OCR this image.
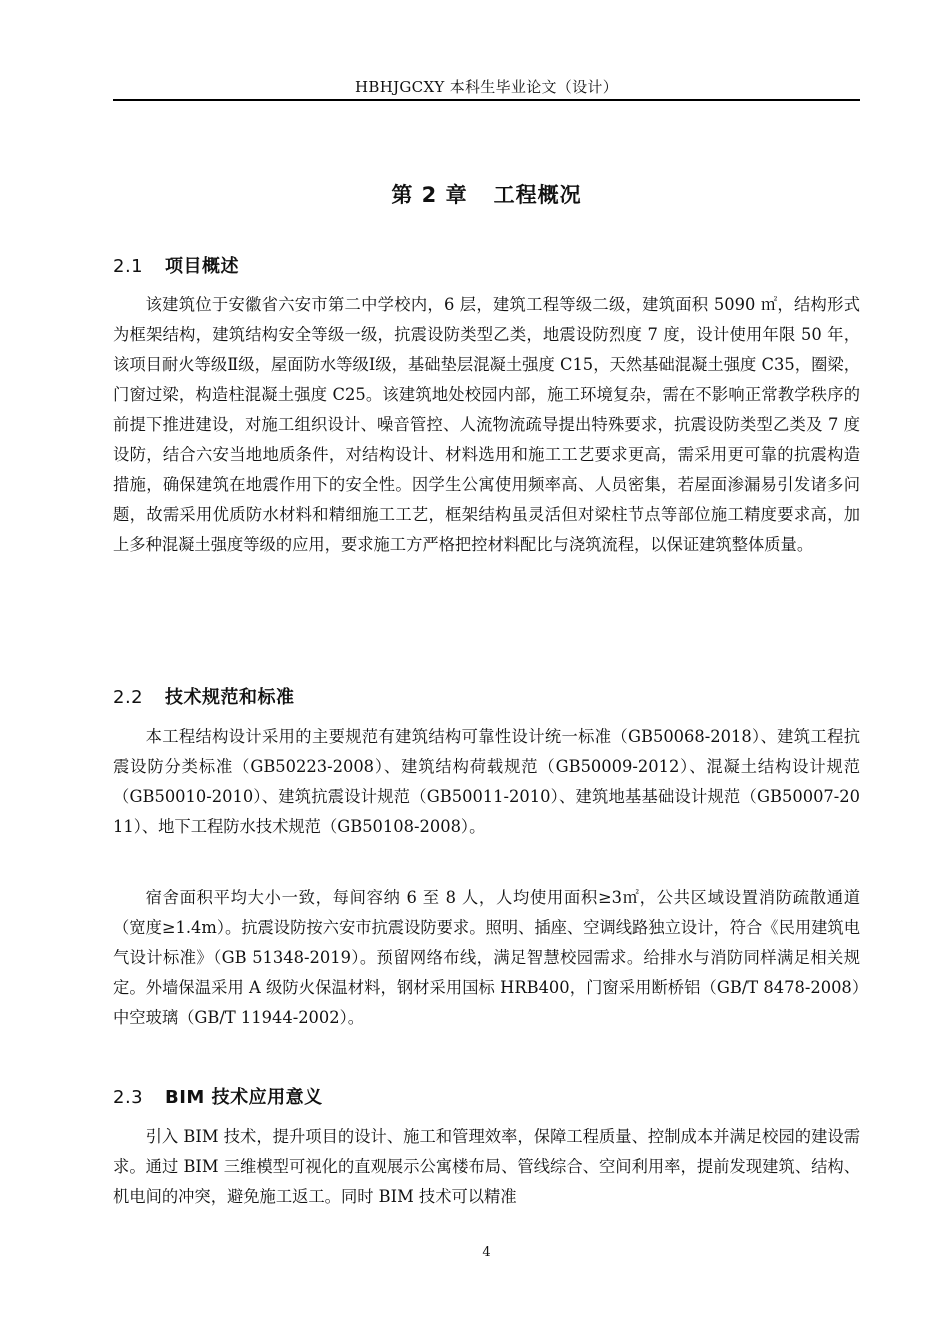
HBHJGCXY 本科生毕业论文（设计）
第 2 章 工程概况
2.1 项目概述

该建筑位于安徽省六安市第二中学校内，6 层，建筑工程等级二级，建筑面积 5090 ㎡，结构形式为框架结构，建筑结构安全等级一级，抗震设防类型乙类，地震设防烈度 7 度，设计使用年限 50 年，该项目耐火等级Ⅱ级，屋面防水等级Ⅰ级，基础垫层混凝土强度 C15，天然基础混凝土强度 C35，圈梁，门窗过梁，构造柱混凝土强度 C25。该建筑地处校园内部，施工环境复杂，需在不影响正常教学秩序的前提下推进建设，对施工组织设计、噪音管控、人流物流疏导提出特殊要求，抗震设防类型乙类及 7 度设防，结合六安当地地质条件，对结构设计、材料选用和施工工艺要求更高，需采用更可靠的抗震构造措施，确保建筑在地震作用下的安全性。因学生公寓使用频率高、人员密集，若屋面渗漏易引发诸多问题，故需采用优质防水材料和精细施工工艺，框架结构虽灵活但对梁柱节点等部位施工精度要求高，加上多种混凝土强度等级的应用，要求施工方严格把控材料配比与浇筑流程，以保证建筑整体质量。

2.2 技术规范和标准

本工程结构设计采用的主要规范有建筑结构可靠性设计统一标准（GB50068-2018）、建筑工程抗震设防分类标准（GB50223-2008）、建筑结构荷载规范（GB50009-2012）、混凝土结构设计规范（GB50010-2010）、建筑抗震设计规范（GB50011-2010）、建筑地基基础设计规范（GB50007-2011）、地下工程防水技术规范（GB50108-2008）。

宿舍面积平均大小一致，每间容纳 6 至 8 人，人均使用面积≥3㎡，公共区域设置消防疏散通道（宽度≥1.4m）。抗震设防按六安市抗震设防要求。照明、插座、空调线路独立设计，符合《民用建筑电气设计标准》（GB 51348-2019）。预留网络布线，满足智慧校园需求。给排水与消防同样满足相关规定。外墙保温采用 A 级防火保温材料，钢材采用国标 HRB400，门窗采用断桥铝（GB/T 8478-2008）中空玻璃（GB/T 11944-2002）。

2.3 BIM 技术应用意义

引入 BIM 技术，提升项目的设计、施工和管理效率，保障工程质量、控制成本并满足校园的建设需求。通过 BIM 三维模型可视化的直观展示公寓楼布局、管线综合、空间利用率，提前发现建筑、结构、机电间的冲突，避免施工返工。同时 BIM 技术可以精准

4
